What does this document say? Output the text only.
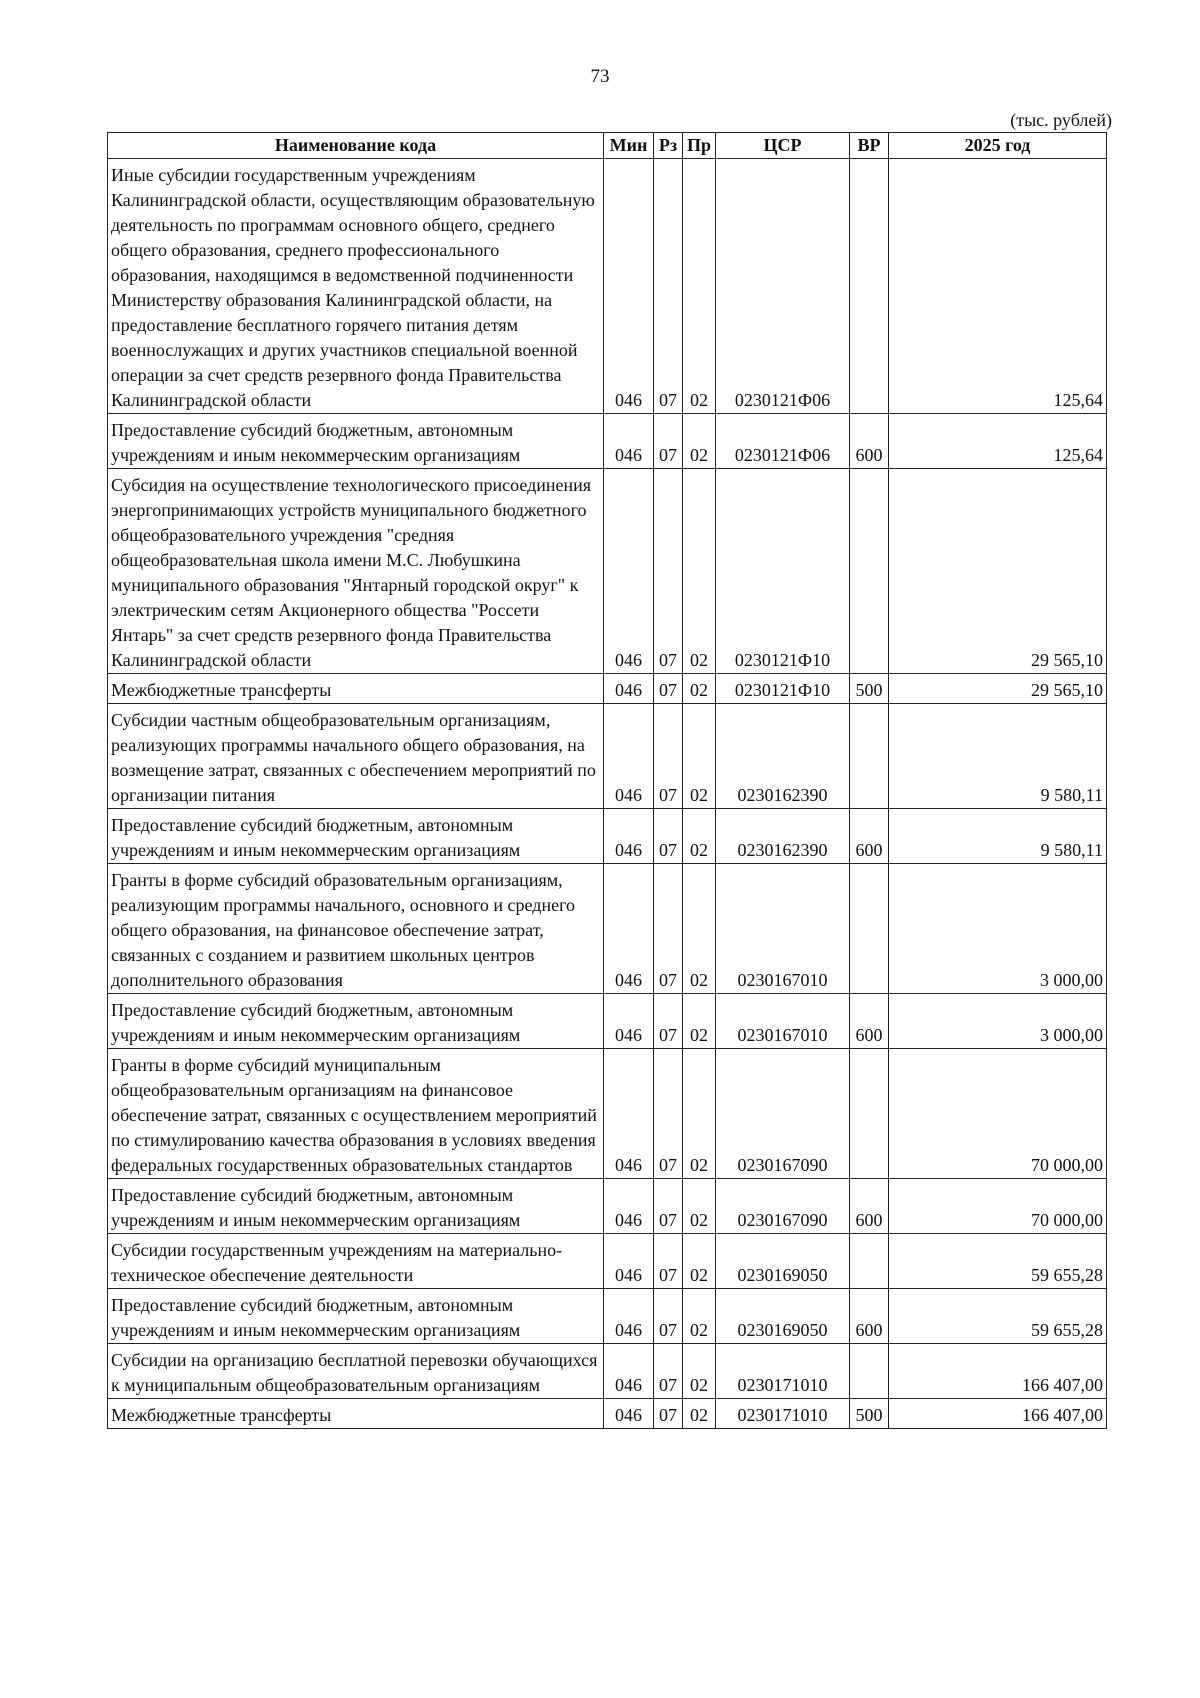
73
(тыс. рублей)
Наименование кода	Мин	Рз	Пр	ЦСР	ВР	2025 год
Иные субсидии государственным учреждениям Калининградской области, осуществляющим образовательную деятельность по программам основного общего, среднего общего образования, среднего профессионального образования, находящимся в ведомственной подчиненности Министерству образования Калининградской области, на предоставление бесплатного горячего питания детям военнослужащих и других участников специальной военной операции за счет средств резервного фонда Правительства Калининградской области	046	07	02	0230121Ф06		125,64
Предоставление субсидий бюджетным, автономным учреждениям и иным некоммерческим организациям	046	07	02	0230121Ф06	600	125,64
Субсидия на осуществление технологического присоединения энергопринимающих устройств муниципального бюджетного общеобразовательного учреждения "средняя общеобразовательная школа имени М.С. Любушкина муниципального образования "Янтарный городской округ" к электрическим сетям Акционерного общества "Россети Янтарь" за счет средств резервного фонда Правительства Калининградской области	046	07	02	0230121Ф10		29 565,10
Межбюджетные трансферты	046	07	02	0230121Ф10	500	29 565,10
Субсидии частным общеобразовательным организациям, реализующих программы начального общего образования, на возмещение затрат, связанных с обеспечением мероприятий по организации питания	046	07	02	0230162390		9 580,11
Предоставление субсидий бюджетным, автономным учреждениям и иным некоммерческим организациям	046	07	02	0230162390	600	9 580,11
Гранты в форме субсидий образовательным организациям, реализующим программы начального, основного и среднего общего образования, на финансовое обеспечение затрат, связанных с созданием и развитием школьных центров дополнительного образования	046	07	02	0230167010		3 000,00
Предоставление субсидий бюджетным, автономным учреждениям и иным некоммерческим организациям	046	07	02	0230167010	600	3 000,00
Гранты в форме субсидий муниципальным общеобразовательным организациям на финансовое обеспечение затрат, связанных с осуществлением мероприятий по стимулированию качества образования в условиях введения федеральных государственных образовательных стандартов	046	07	02	0230167090		70 000,00
Предоставление субсидий бюджетным, автономным учреждениям и иным некоммерческим организациям	046	07	02	0230167090	600	70 000,00
Субсидии государственным учреждениям на материально-техническое обеспечение деятельности	046	07	02	0230169050		59 655,28
Предоставление субсидий бюджетным, автономным учреждениям и иным некоммерческим организациям	046	07	02	0230169050	600	59 655,28
Субсидии на организацию бесплатной перевозки обучающихся к муниципальным общеобразовательным организациям	046	07	02	0230171010		166 407,00
Межбюджетные трансферты	046	07	02	0230171010	500	166 407,00
